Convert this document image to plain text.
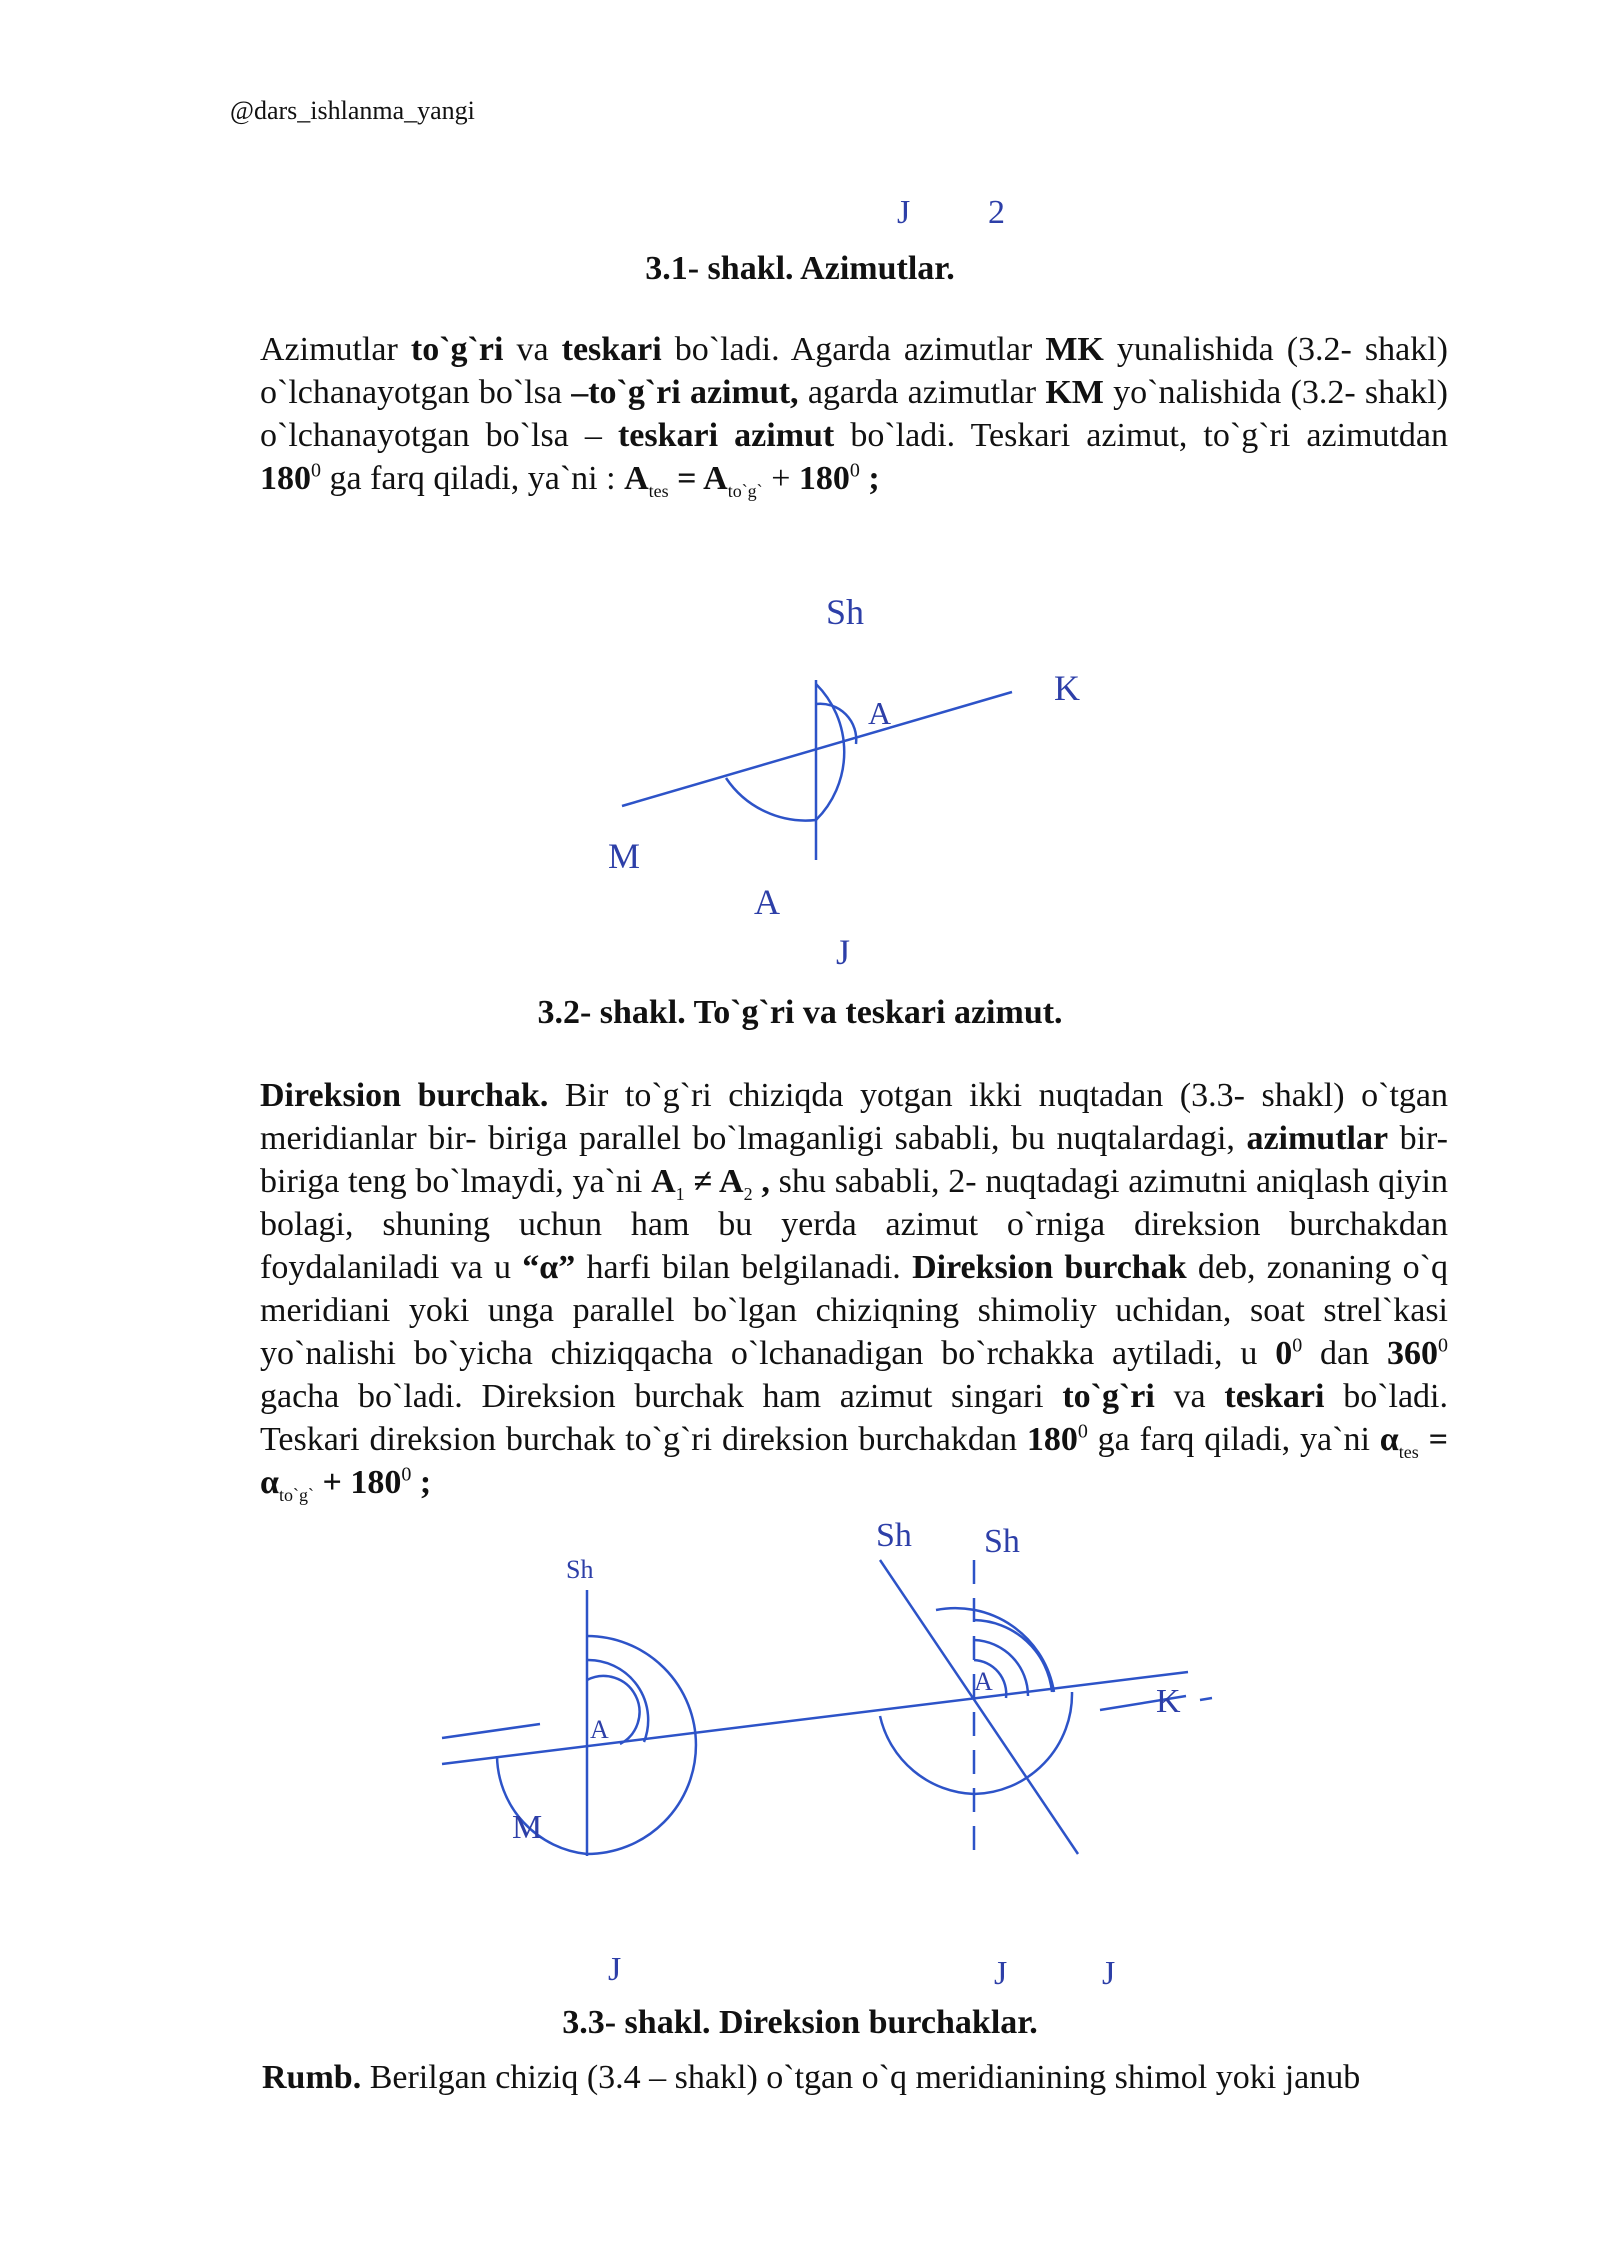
@dars_ishlanma_yangi
J 2
3.1- shakl. Azimutlar.

Azimutlar to`g`ri va teskari bo`ladi. Agarda azimutlar MK yunalishida (3.2- shakl) o`lchanayotgan bo`lsa –to`g`ri azimut, agarda azimutlar KM yo`nalishida (3.2- shakl) o`lchanayotgan bo`lsa – teskari azimut bo`ladi. Teskari azimut, to`g`ri azimutdan $180^0$ ga farq qiladi, ya`ni : $A_{tes} = A_{to`g`} + 180^0$ ;

Sh
K
A
M
A
J
3.2- shakl. To`g`ri va teskari azimut.

Direksion burchak. Bir to`g`ri chiziqda yotgan ikki nuqtadan (3.3- shakl) o`tgan meridianlar bir- biriga parallel bo`lmaganligi sababli, bu nuqtalardagi, azimutlar bir-biriga teng bo`lmaydi, ya`ni $A_1 \ne A_2$ , shu sababli, 2- nuqtadagi azimutni aniqlash qiyin bolagi, shuning uchun ham bu yerda azimut o`rniga direksion burchakdan foydalaniladi va u “α” harfi bilan belgilanadi. Direksion burchak deb, zonaning o`q meridiani yoki unga parallel bo`lgan chiziqning shimoliy uchidan, soat strel`kasi yo`nalishi bo`yicha chiziqqacha o`lchanadigan bo`rchakka aytiladi, u $0^0$ dan $360^0$ gacha bo`ladi. Direksion burchak ham azimut singari to`g`ri va teskari bo`ladi. Teskari direksion burchak to`g`ri direksion burchakdan $180^0$ ga farq qiladi, ya`ni $\alpha_{tes} = \alpha_{to`g`} + 180^0$ ;

Sh
Sh Sh
A
A
M
K
J	J	J
3.3- shakl. Direksion burchaklar.

Rumb. Berilgan chiziq (3.4 – shakl) o`tgan o`q meridianining shimol yoki janub
